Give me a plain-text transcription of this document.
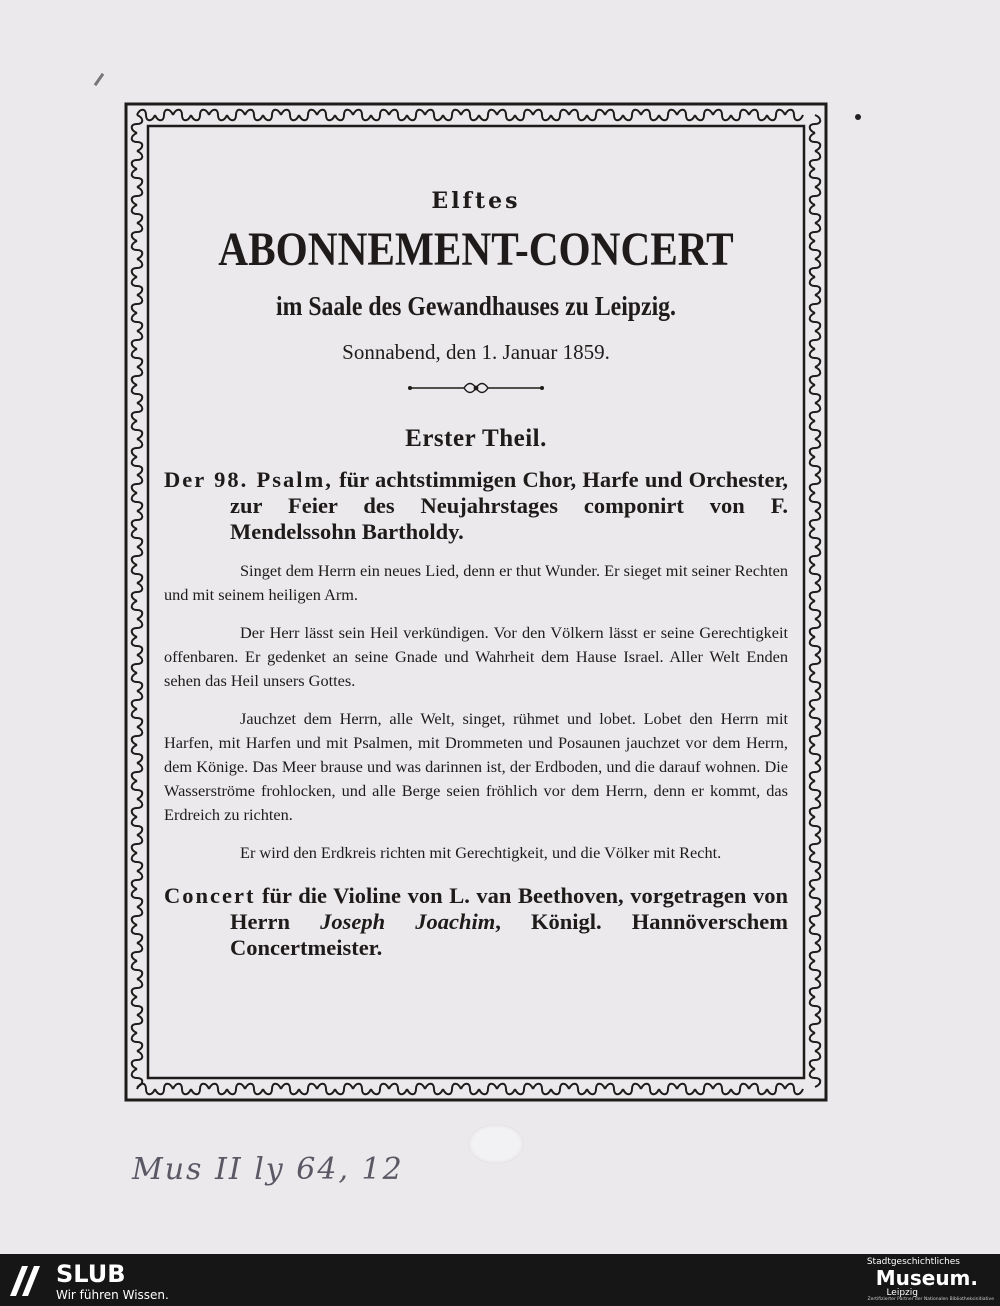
Elftes
ABONNEMENT-CONCERT
im Saale des Gewandhauses zu Leipzig.
Sonnabend, den 1. Januar 1859.
Erster Theil.
Der 98. Psalm, für achtstimmigen Chor, Harfe und Orchester, zur Feier des Neujahrstages componirt von F. Mendelssohn Bartholdy.

Singet dem Herrn ein neues Lied, denn er thut Wunder. Er sieget mit seiner Rechten und mit seinem heiligen Arm.

Der Herr lässt sein Heil verkündigen. Vor den Völkern lässt er seine Gerechtigkeit offenbaren. Er gedenket an seine Gnade und Wahrheit dem Hause Israel. Aller Welt Enden sehen das Heil unsers Gottes.

Jauchzet dem Herrn, alle Welt, singet, rühmet und lobet. Lobet den Herrn mit Harfen, mit Harfen und mit Psalmen, mit Drommeten und Posaunen jauchzet vor dem Herrn, dem Könige. Das Meer brause und was darinnen ist, der Erdboden, und die darauf wohnen. Die Wasserströme frohlocken, und alle Berge seien fröhlich vor dem Herrn, denn er kommt, das Erdreich zu richten.

Er wird den Erdkreis richten mit Gerechtigkeit, und die Völker mit Recht.

Concert für die Violine von L. van Beethoven, vorgetragen von Herrn Joseph Joachim, Königl. Hannöverschem Concertmeister.
Mus II ly 64, 12
SLUB
Wir führen Wissen.
Stadtgeschichtliches
Museum.
Leipzig
Zertifizierter Partner der Nationalen Bibliotheksinitiative
